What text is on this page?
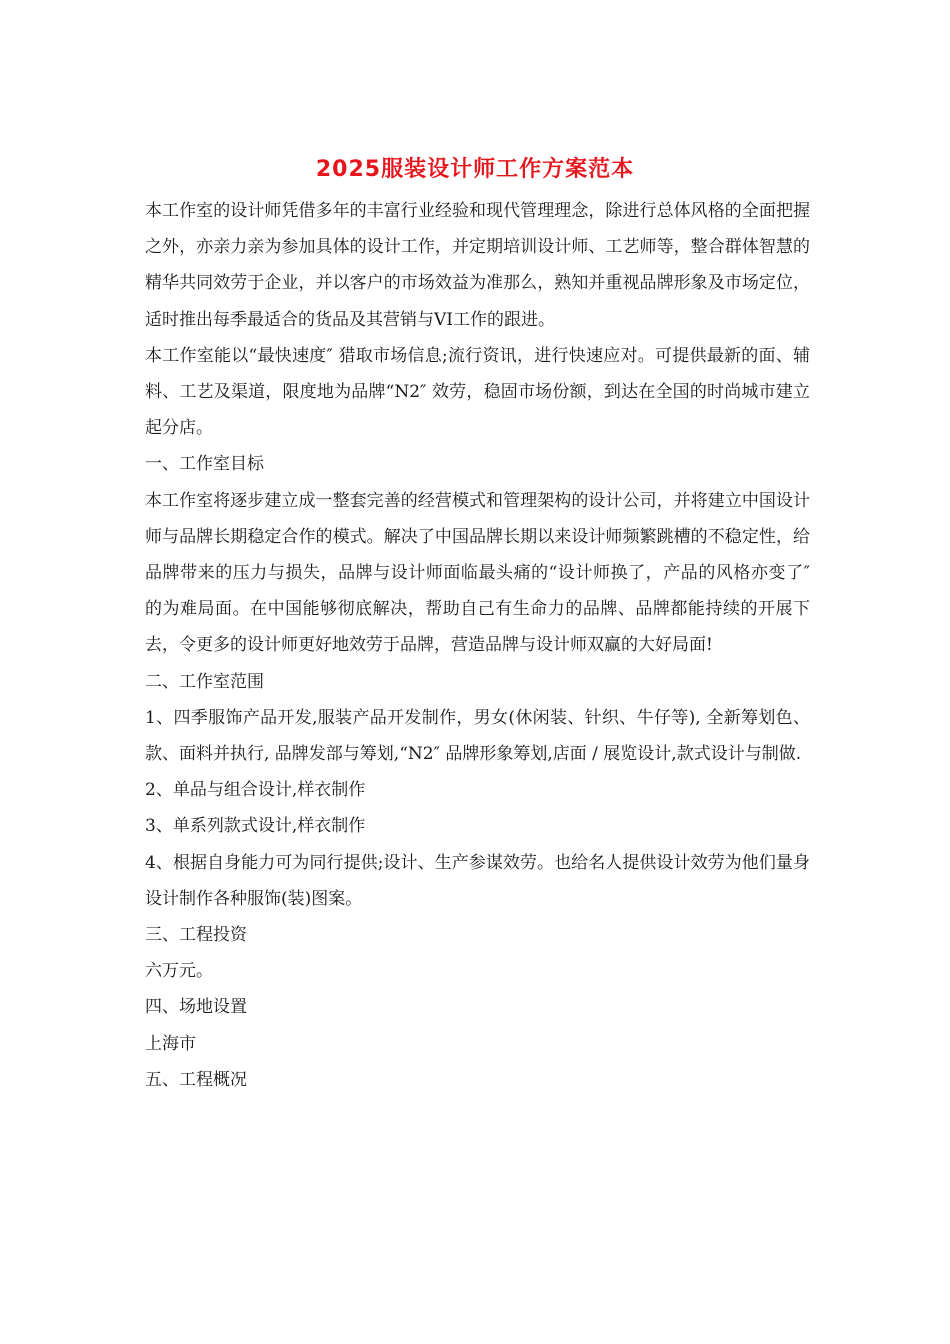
2025服装设计师工作方案范本

本工作室的设计师凭借多年的丰富行业经验和现代管理理念，除进行总体风格的全面把握之外，亦亲力亲为参加具体的设计工作，并定期培训设计师、工艺师等，整合群体智慧的精华共同效劳于企业，并以客户的市场效益为准那么，熟知并重视品牌形象及市场定位，适时推出每季最适合的货品及其营销与VI工作的跟进。

本工作室能以“最快速度″ 猎取市场信息;流行资讯，进行快速应对。可提供最新的面、辅料、工艺及渠道，限度地为品牌“N2″ 效劳，稳固市场份额，到达在全国的时尚城市建立起分店。

一、工作室目标

本工作室将逐步建立成一整套完善的经营模式和管理架构的设计公司，并将建立中国设计师与品牌长期稳定合作的模式。解决了中国品牌长期以来设计师频繁跳槽的不稳定性，给品牌带来的压力与损失，品牌与设计师面临最头痛的“设计师换了，产品的风格亦变了″ 的为难局面。在中国能够彻底解决，帮助自己有生命力的品牌、品牌都能持续的开展下去，令更多的设计师更好地效劳于品牌，营造品牌与设计师双赢的大好局面!

二、工作室范围

1、四季服饰产品开发,服装产品开发制作，男女(休闲装、针织、牛仔等), 全新筹划色、款、面料并执行, 品牌发部与筹划,“N2″ 品牌形象筹划,店面 / 展览设计,款式设计与制做.

2、单品与组合设计,样衣制作

3、单系列款式设计,样衣制作

4、根据自身能力可为同行提供;设计、生产参谋效劳。也给名人提供设计效劳为他们量身设计制作各种服饰(装)图案。

三、工程投资

六万元。

四、场地设置

上海市

五、工程概况
